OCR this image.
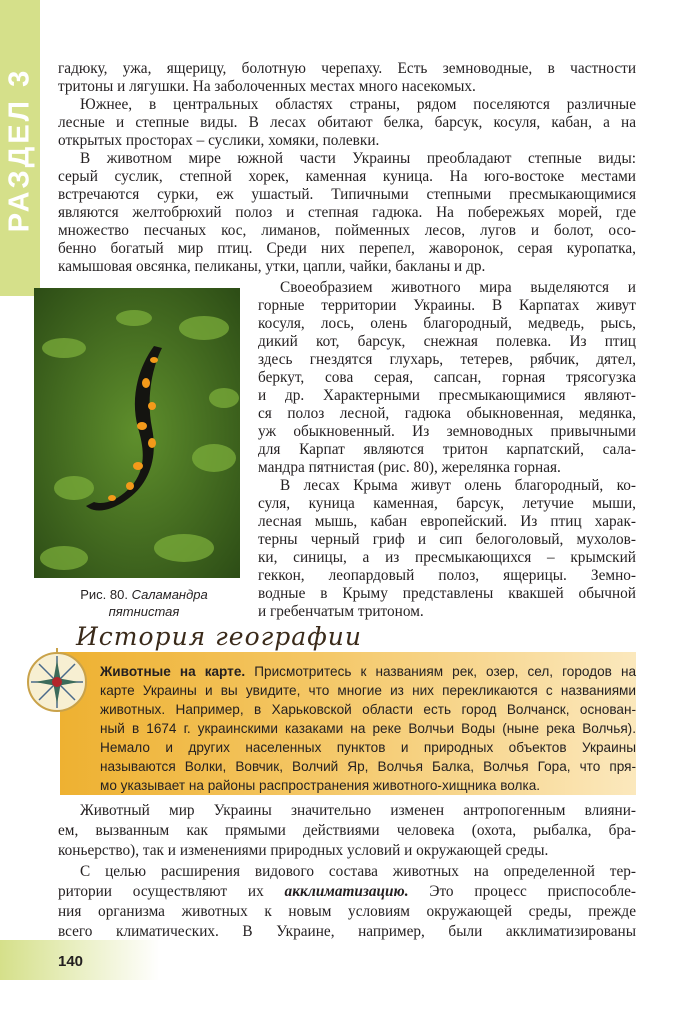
РАЗДЕЛ 3 гадюку, ужа, ящерицу, болотную черепаху. Есть земноводные, в частности
тритоны и лягушки. На заболоченных местах много насекомых.
Южнее, в центральных областях страны, рядом поселяются различные
лесные и степные виды. В лесах обитают белка, барсук, косуля, кабан, а на
открытых просторах – суслики, хомяки, полевки.
В животном мире южной части Украины преобладают степные виды:
серый суслик, степной хорек, каменная куница. На юго-востоке местами
встречаются сурки, еж ушастый. Типичными степными пресмыкающимися
являются желтобрюхий полоз и степная гадюка. На побережьях морей, где
множество песчаных кос, лиманов, пойменных лесов, лугов и болот, осо-
бенно богатый мир птиц. Среди них перепел, жаворонок, серая куропатка,
камышовая овсянка, пеликаны, утки, цапли, чайки, бакланы и др.
Рис. 80. Саламандра
пятнистая
Своеобразием животного мира выделяются и
горные территории Украины. В Карпатах живут
косуля, лось, олень благородный, медведь, рысь,
дикий кот, барсук, снежная полевка. Из птиц
здесь гнездятся глухарь, тетерев, рябчик, дятел,
беркут, сова серая, сапсан, горная трясогузка
и др. Характерными пресмыкающимися являют-
ся полоз лесной, гадюка обыкновенная, медянка,
уж обыкновенный. Из земноводных привычными
для Карпат являются тритон карпатский, сала-
мандра пятнистая (рис. 80), жерелянка горная.
В лесах Крыма живут олень благородный, ко-
суля, куница каменная, барсук, летучие мыши,
лесная мышь, кабан европейский. Из птиц харак-
терны черный гриф и сип белоголовый, мухолов-
ки, синицы, а из пресмыкающихся – крымский
геккон, леопардовый полоз, ящерицы. Земно-
водные в Крыму представлены квакшей обычной
и гребенчатым тритоном.
История географии
Животные на карте. Присмотритесь к названиям рек, озер, сел, городов на
карте Украины и вы увидите, что многие из них перекликаются с названиями
животных. Например, в Харьковской области есть город Волчанск, основан-
ный в 1674 г. украинскими казаками на реке Волчьи Воды (ныне река Волчья).
Немало и других населенных пунктов и природных объектов Украины
называются Волки, Вовчик, Волчий Яр, Волчья Балка, Волчья Гора, что пря-
мо указывает на районы распространения животного-хищника волка.
Животный мир Украины значительно изменен антропогенным влияни-
ем, вызванным как прямыми действиями человека (охота, рыбалка, бра-
коньерство), так и изменениями природных условий и окружающей среды.
С целью расширения видового состава животных на определенной тер-
ритории осуществляют их акклиматизацию. Это процесс приспособле-
ния организма животных к новым условиям окружающей среды, прежде
всего климатических. В Украине, например, были акклиматизированы
140
